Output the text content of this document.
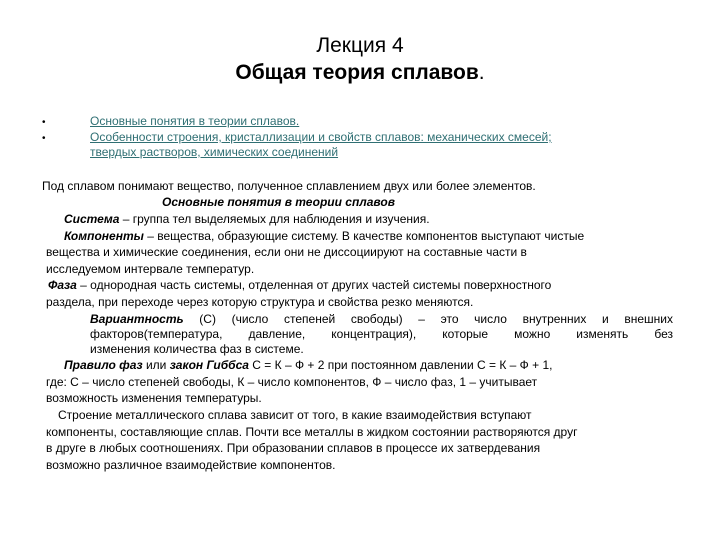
Лекция 4
Общая теория сплавов.
•	Основные понятия в теории сплавов.
•	Особенности строения, кристаллизации и свойств сплавов: механических смесей;
твердых растворов, химических соединений
Под сплавом понимают вещество, полученное сплавлением двух или более элементов.
Основные понятия в теории сплавов
Система – группа тел выделяемых для наблюдения и изучения.
Компоненты – вещества, образующие систему. В качестве компонентов выступают чистые
вещества и химические соединения, если они не диссоциируют на составные части в
исследуемом интервале температур.
Фаза – однородная часть системы, отделенная от других частей системы поверхностного
раздела, при переходе через которую структура и свойства резко меняются.
Вариантность (С) (число степеней свободы) – это число внутренних и внешних
факторов(температура, давление, концентрация), которые можно изменять без
изменения количества фаз в системе.
Правило фаз или закон Гиббса С = К – Ф + 2 при постоянном давлении С = К – Ф + 1,
где: С – число степеней свободы, К – число компонентов, Ф – число фаз, 1 – учитывает
возможность изменения температуры.
Строение металлического сплава зависит от того, в какие взаимодействия вступают
компоненты, составляющие сплав. Почти все металлы в жидком состоянии растворяются друг
в друге в любых соотношениях. При образовании сплавов в процессе их затвердевания
возможно различное взаимодействие компонентов.
